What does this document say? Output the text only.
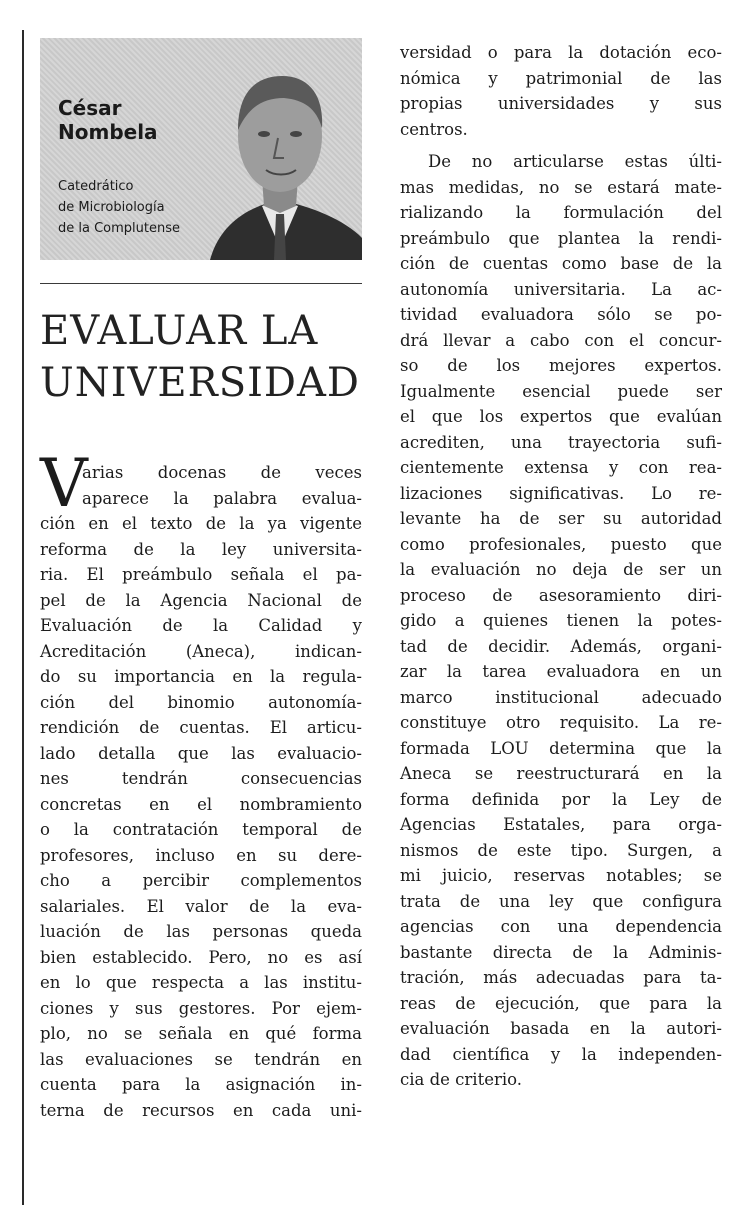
César
Nombela
Catedrático
de Microbiología
de la Complutense
EVALUAR LA
UNIVERSIDAD
V
arias docenas de veces
aparece la palabra evalua-
ción en el texto de la ya vigente
reforma de la ley universita-
ria. El preámbulo señala el pa-
pel de la Agencia Nacional de
Evaluación de la Calidad y
Acreditación (Aneca), indican-
do su importancia en la regula-
ción del binomio autonomía-
rendición de cuentas. El articu-
lado detalla que las evaluacio-
nes tendrán consecuencias
concretas en el nombramiento
o la contratación temporal de
profesores, incluso en su dere-
cho a percibir complementos
salariales. El valor de la eva-
luación de las personas queda
bien establecido. Pero, no es así
en lo que respecta a las institu-
ciones y sus gestores. Por ejem-
plo, no se señala en qué forma
las evaluaciones se tendrán en
cuenta para la asignación in-
terna de recursos en cada uni-
versidad o para la dotación eco-
nómica y patrimonial de las
propias universidades y sus
centros.
De no articularse estas últi-
mas medidas, no se estará mate-
rializando la formulación del
preámbulo que plantea la rendi-
ción de cuentas como base de la
autonomía universitaria. La ac-
tividad evaluadora sólo se po-
drá llevar a cabo con el concur-
so de los mejores expertos.
Igualmente esencial puede ser
el que los expertos que evalúan
acrediten, una trayectoria sufi-
cientemente extensa y con rea-
lizaciones significativas. Lo re-
levante ha de ser su autoridad
como profesionales, puesto que
la evaluación no deja de ser un
proceso de asesoramiento diri-
gido a quienes tienen la potes-
tad de decidir. Además, organi-
zar la tarea evaluadora en un
marco institucional adecuado
constituye otro requisito. La re-
formada LOU determina que la
Aneca se reestructurará en la
forma definida por la Ley de
Agencias Estatales, para orga-
nismos de este tipo. Surgen, a
mi juicio, reservas notables; se
trata de una ley que configura
agencias con una dependencia
bastante directa de la Adminis-
tración, más adecuadas para ta-
reas de ejecución, que para la
evaluación basada en la autori-
dad científica y la independen-
cia de criterio.
